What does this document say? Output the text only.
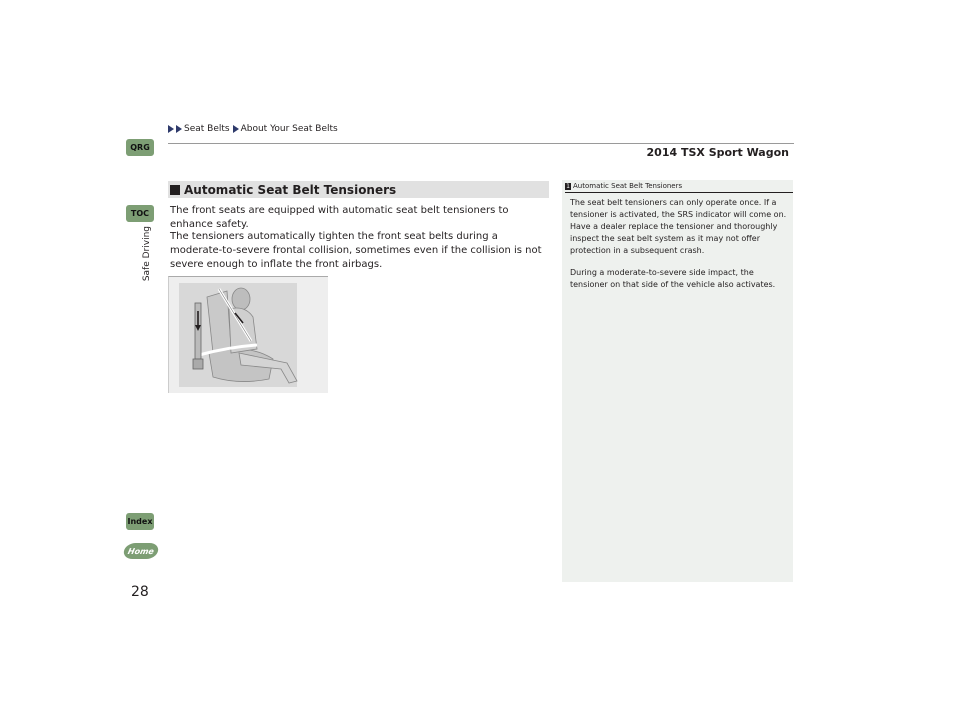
Seat Belts About Your Seat Belts
2014 TSX Sport Wagon
QRG
TOC
Safe Driving
Index
Home
28
Automatic Seat Belt Tensioners
The front seats are equipped with automatic seat belt tensioners to enhance safety.
The tensioners automatically tighten the front seat belts during a moderate-to-severe frontal collision, sometimes even if the collision is not severe enough to inflate the front airbags.
1 Automatic Seat Belt Tensioners

The seat belt tensioners can only operate once. If a tensioner is activated, the SRS indicator will come on. Have a dealer replace the tensioner and thoroughly inspect the seat belt system as it may not offer protection in a subsequent crash.

During a moderate-to-severe side impact, the tensioner on that side of the vehicle also activates.
